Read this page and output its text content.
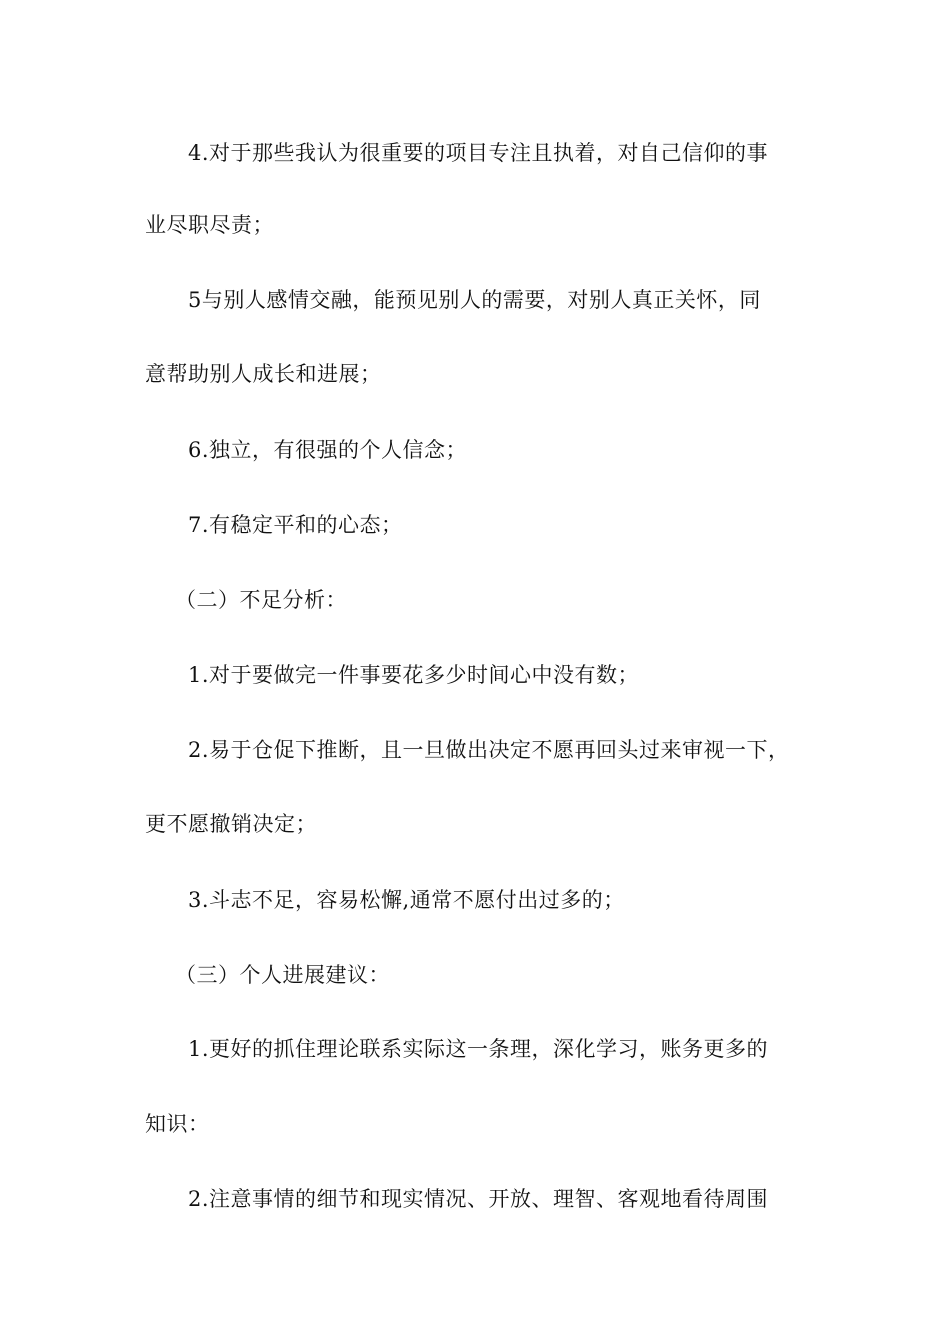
4.对于那些我认为很重要的项目专注且执着，对自己信仰的事
业尽职尽责；
5与别人感情交融，能预见别人的需要，对别人真正关怀，同
意帮助别人成长和进展；
6.独立，有很强的个人信念；
7.有稳定平和的心态；
（二）不足分析：
1.对于要做完一件事要花多少时间心中没有数；
2.易于仓促下推断，且一旦做出决定不愿再回头过来审视一下，
更不愿撤销决定；
3.斗志不足，容易松懈,通常不愿付出过多的；
（三）个人进展建议：
1.更好的抓住理论联系实际这一条理，深化学习，账务更多的
知识：
2.注意事情的细节和现实情况、开放、理智、客观地看待周围
